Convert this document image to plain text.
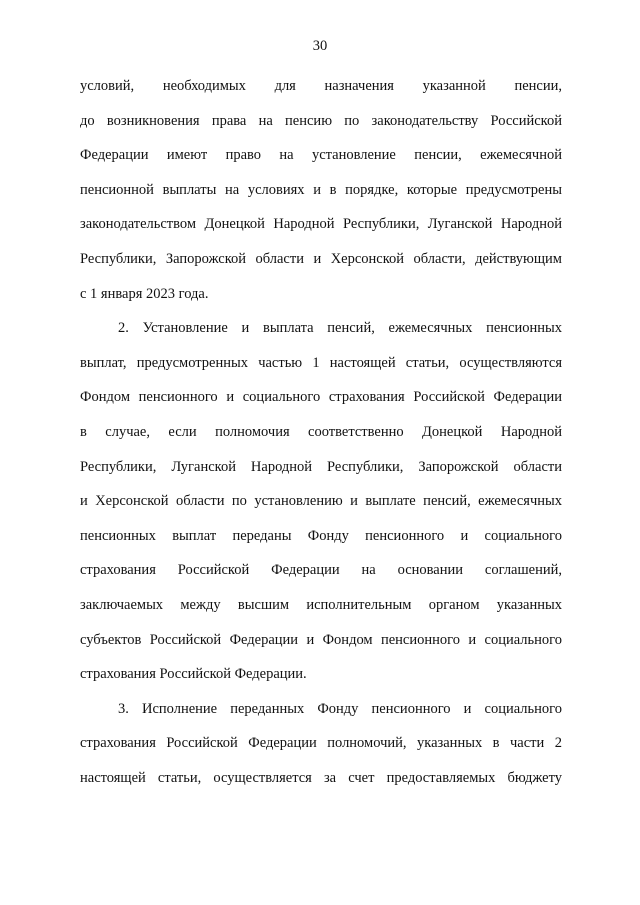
30
условий, необходимых для назначения указанной пенсии,
до возникновения права на пенсию по законодательству Российской
Федерации имеют право на установление пенсии, ежемесячной
пенсионной выплаты на условиях и в порядке, которые предусмотрены
законодательством Донецкой Народной Республики, Луганской Народной
Республики, Запорожской области и Херсонской области, действующим
с 1 января 2023 года.
2. Установление и выплата пенсий, ежемесячных пенсионных
выплат, предусмотренных частью 1 настоящей статьи, осуществляются
Фондом пенсионного и социального страхования Российской Федерации
в случае, если полномочия соответственно Донецкой Народной
Республики, Луганской Народной Республики, Запорожской области
и Херсонской области по установлению и выплате пенсий, ежемесячных
пенсионных выплат переданы Фонду пенсионного и социального
страхования Российской Федерации на основании соглашений,
заключаемых между высшим исполнительным органом указанных
субъектов Российской Федерации и Фондом пенсионного и социального
страхования Российской Федерации.
3. Исполнение переданных Фонду пенсионного и социального
страхования Российской Федерации полномочий, указанных в части 2
настоящей статьи, осуществляется за счет предоставляемых бюджету
